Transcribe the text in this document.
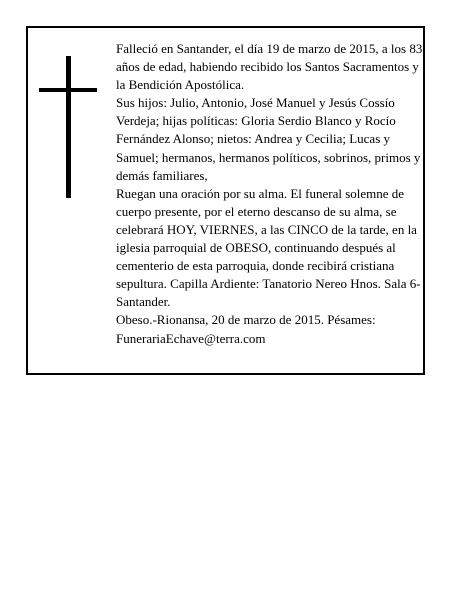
Falleció en Santander, el día 19 de marzo de 2015, a los 83 años de edad, habiendo recibido los Santos Sacramentos y la Bendición Apostólica.

Sus hijos: Julio, Antonio, José Manuel y Jesús Cossío Verdeja; hijas políticas: Gloria Serdio Blanco y Rocío Fernández Alonso; nietos: Andrea y Cecilia; Lucas y Samuel; hermanos, hermanos políticos, sobrinos, primos y demás familiares,

Ruegan una oración por su alma. El funeral solemne de cuerpo presente, por el eterno descanso de su alma, se celebrará HOY, VIERNES, a las CINCO de la tarde, en la iglesia parroquial de OBESO, continuando después al cementerio de esta parroquia, donde recibirá cristiana sepultura. Capilla Ardiente: Tanatorio Nereo Hnos. Sala 6-Santander.

Obeso.-Rionansa, 20 de marzo de 2015. Pésames: FunerariaEchave@terra.com
